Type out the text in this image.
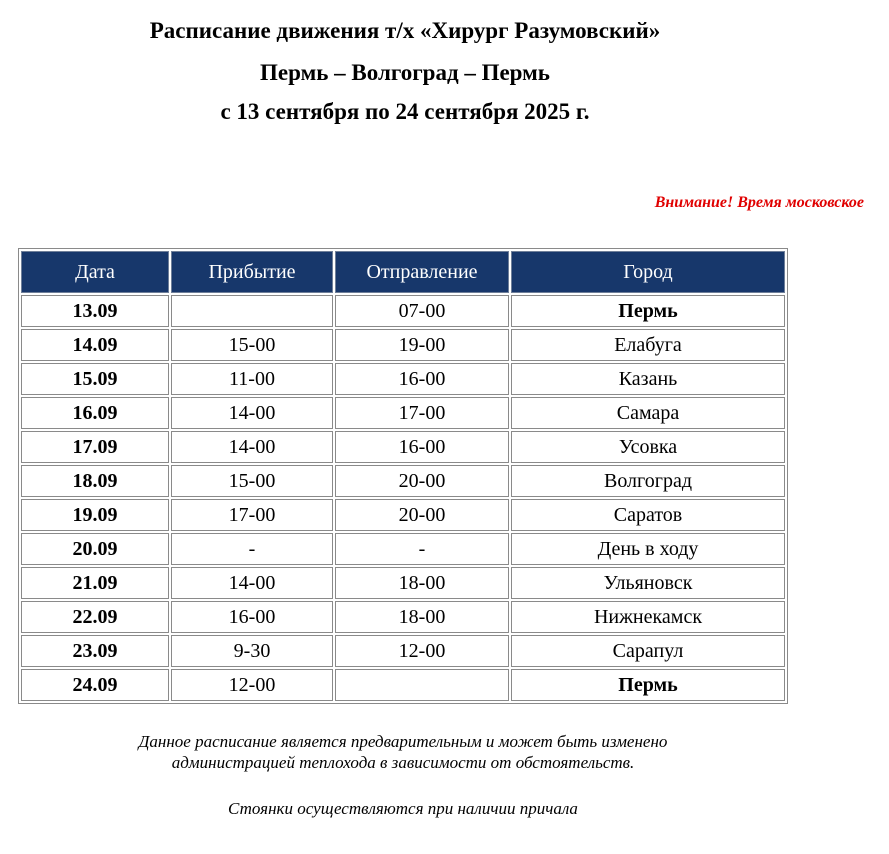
Расписание движения т/х «Хирург Разумовский»
Пермь – Волгоград – Пермь
с 13 сентября по 24 сентября 2025 г.
Внимание! Время московское
Дата	Прибытие	Отправление	Город
13.09		07-00	Пермь
14.09	15-00	19-00	Елабуга
15.09	11-00	16-00	Казань
16.09	14-00	17-00	Самара
17.09	14-00	16-00	Усовка
18.09	15-00	20-00	Волгоград
19.09	17-00	20-00	Саратов
20.09	-	-	День в ходу
21.09	14-00	18-00	Ульяновск
22.09	16-00	18-00	Нижнекамск
23.09	9-30	12-00	Сарапул
24.09	12-00		Пермь

Данное расписание является предварительным и может быть изменено
администрацией теплохода в зависимости от обстоятельств.

Стоянки осуществляются при наличии причала
